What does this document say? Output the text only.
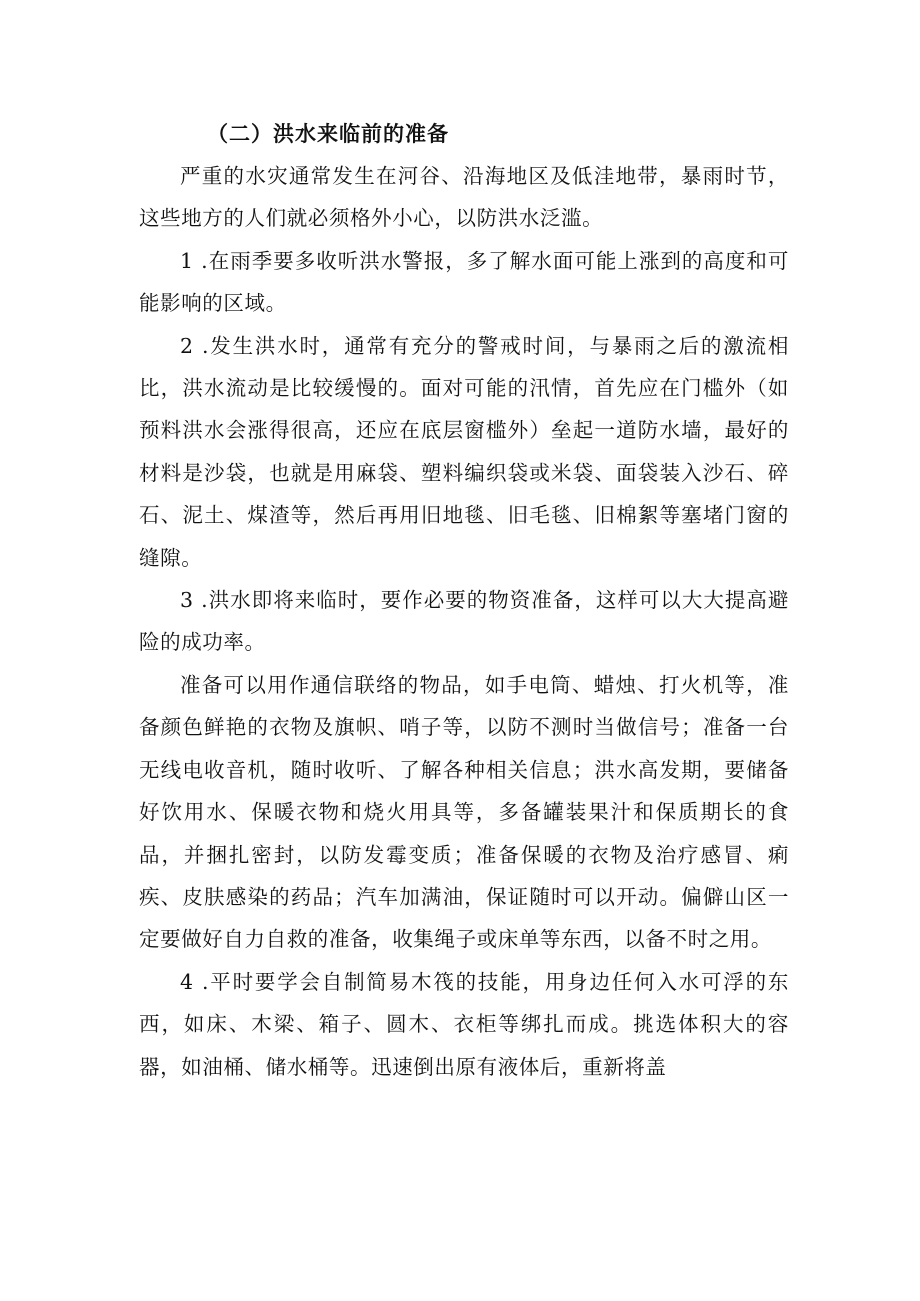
（二）洪水来临前的准备

严重的水灾通常发生在河谷、沿海地区及低洼地带，暴雨时节，这些地方的人们就必须格外小心，以防洪水泛滥。

1 .在雨季要多收听洪水警报，多了解水面可能上涨到的高度和可能影响的区域。

2 .发生洪水时，通常有充分的警戒时间，与暴雨之后的激流相比，洪水流动是比较缓慢的。面对可能的汛情，首先应在门槛外（如预料洪水会涨得很高，还应在底层窗槛外）垒起一道防水墙，最好的材料是沙袋，也就是用麻袋、塑料编织袋或米袋、面袋装入沙石、碎石、泥土、煤渣等，然后再用旧地毯、旧毛毯、旧棉絮等塞堵门窗的缝隙。

3 .洪水即将来临时，要作必要的物资准备，这样可以大大提高避险的成功率。

准备可以用作通信联络的物品，如手电筒、蜡烛、打火机等，准备颜色鲜艳的衣物及旗帜、哨子等，以防不测时当做信号；准备一台无线电收音机，随时收听、了解各种相关信息；洪水高发期，要储备好饮用水、保暖衣物和烧火用具等，多备罐装果汁和保质期长的食品，并捆扎密封，以防发霉变质；准备保暖的衣物及治疗感冒、痢疾、皮肤感染的药品；汽车加满油，保证随时可以开动。偏僻山区一定要做好自力自救的准备，收集绳子或床单等东西，以备不时之用。

4 .平时要学会自制简易木筏的技能，用身边任何入水可浮的东西，如床、木梁、箱子、圆木、衣柜等绑扎而成。挑选体积大的容器，如油桶、储水桶等。迅速倒出原有液体后，重新将盖
